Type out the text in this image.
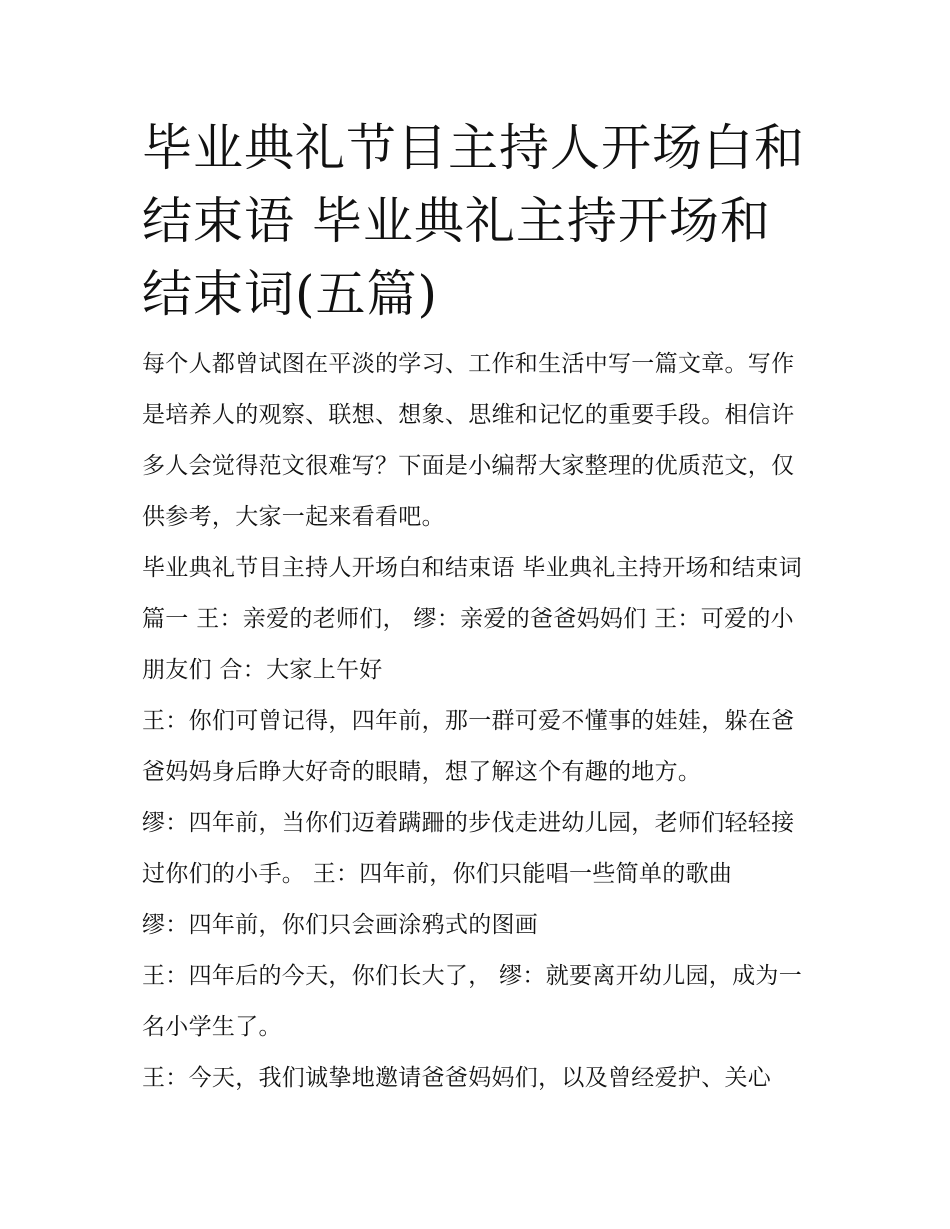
毕业典礼节目主持人开场白和结束语 毕业典礼主持开场和结束词(五篇)

每个人都曾试图在平淡的学习、工作和生活中写一篇文章。写作是培养人的观察、联想、想象、思维和记忆的重要手段。相信许多人会觉得范文很难写？下面是小编帮大家整理的优质范文，仅供参考，大家一起来看看吧。

毕业典礼节目主持人开场白和结束语 毕业典礼主持开场和结束词篇一 王：亲爱的老师们， 缪：亲爱的爸爸妈妈们 王：可爱的小朋友们 合：大家上午好

王：你们可曾记得，四年前，那一群可爱不懂事的娃娃，躲在爸爸妈妈身后睁大好奇的眼睛，想了解这个有趣的地方。

缪：四年前，当你们迈着蹒跚的步伐走进幼儿园，老师们轻轻接过你们的小手。 王：四年前，你们只能唱一些简单的歌曲

缪：四年前，你们只会画涂鸦式的图画

王：四年后的今天，你们长大了， 缪：就要离开幼儿园，成为一名小学生了。

王：今天，我们诚挚地邀请爸爸妈妈们，以及曾经爱护、关心
